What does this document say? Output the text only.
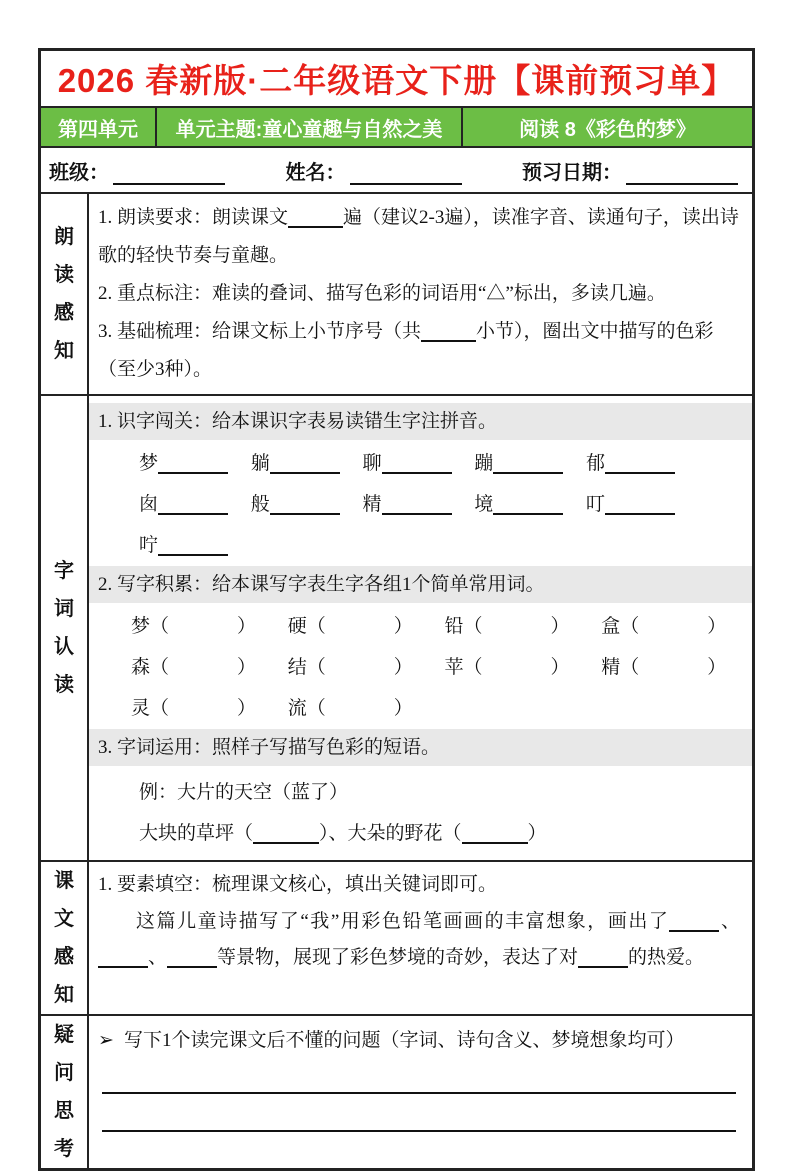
2026 春新版·二年级语文下册【课前预习单】
第四单元	单元主题:童心童趣与自然之美	阅读 8《彩色的梦》
班级：	姓名：	预习日期：
朗读感知
1. 朗读要求：朗读课文	遍（建议2-3遍），读准字音、读通句子，读出诗歌的轻快节奏与童趣。
2. 重点标注：难读的叠词、描写色彩的词语用“△”标出，多读几遍。
3. 基础梳理：给课文标上小节序号（共	小节），圈出文中描写的色彩（至少3种）。
字词认读
1. 识字闯关：给本课识字表易读错生字注拼音。
梦	躺	聊	蹦	郁
囱	般	精	境	叮
咛
2. 写字积累：给本课写字表生字各组1个简单常用词。
梦（	） 硬（	） 铅（	） 盒（	）
森（	） 结（	） 苹（	） 精（	）
灵（	） 流（	）
3. 字词运用：照样子写描写色彩的短语。
例：大片的天空（蓝了）
大块的草坪（	）、大朵的野花（	）
课文感知
1. 要素填空：梳理课文核心，填出关键词即可。

这篇儿童诗描写了“我”用彩色铅笔画画的丰富想象，画出了	、、	等景物，展现了彩色梦境的奇妙，表达了对	的热爱。

疑问思考
➢ 写下1个读完课文后不懂的问题（字词、诗句含义、梦境想象均可）
